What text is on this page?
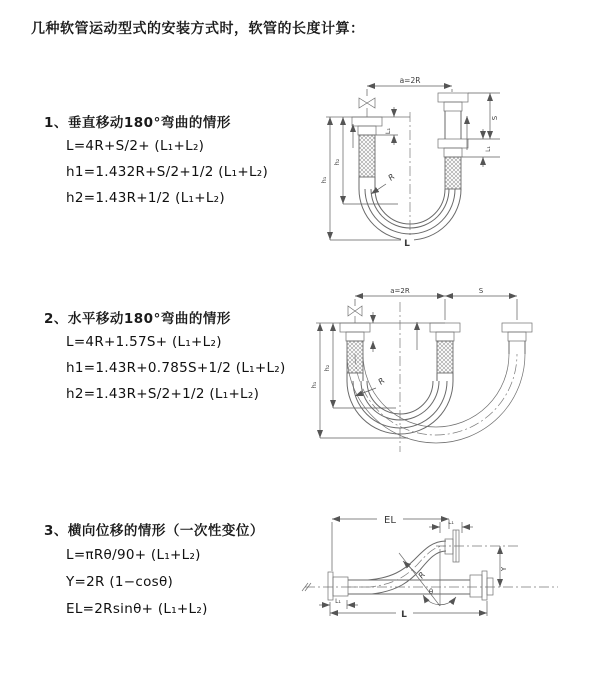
几种软管运动型式的安装方式时，软管的长度计算：
1、垂直移动180°弯曲的情形
L=4R+S/2+ (L₁+L₂)
h1=1.432R+S/2+1/2 (L₁+L₂)
h2=1.43R+1/2 (L₁+L₂)
2、水平移动180°弯曲的情形
L=4R+1.57S+ (L₁+L₂)
h1=1.43R+0.785S+1/2 (L₁+L₂)
h2=1.43R+S/2+1/2 (L₁+L₂)
3、横向位移的情形（一次性变位）
L=πRθ/90+ (L₁+L₂)
Y=2R (1−cosθ)
EL=2Rsinθ+ (L₁+L₂)
a=2R
L₁
h₂
h₁
S
L₁
R
L
a=2R	S
h₁
h₂
R
EL	L₁
Y
R
θ
L
L₁
